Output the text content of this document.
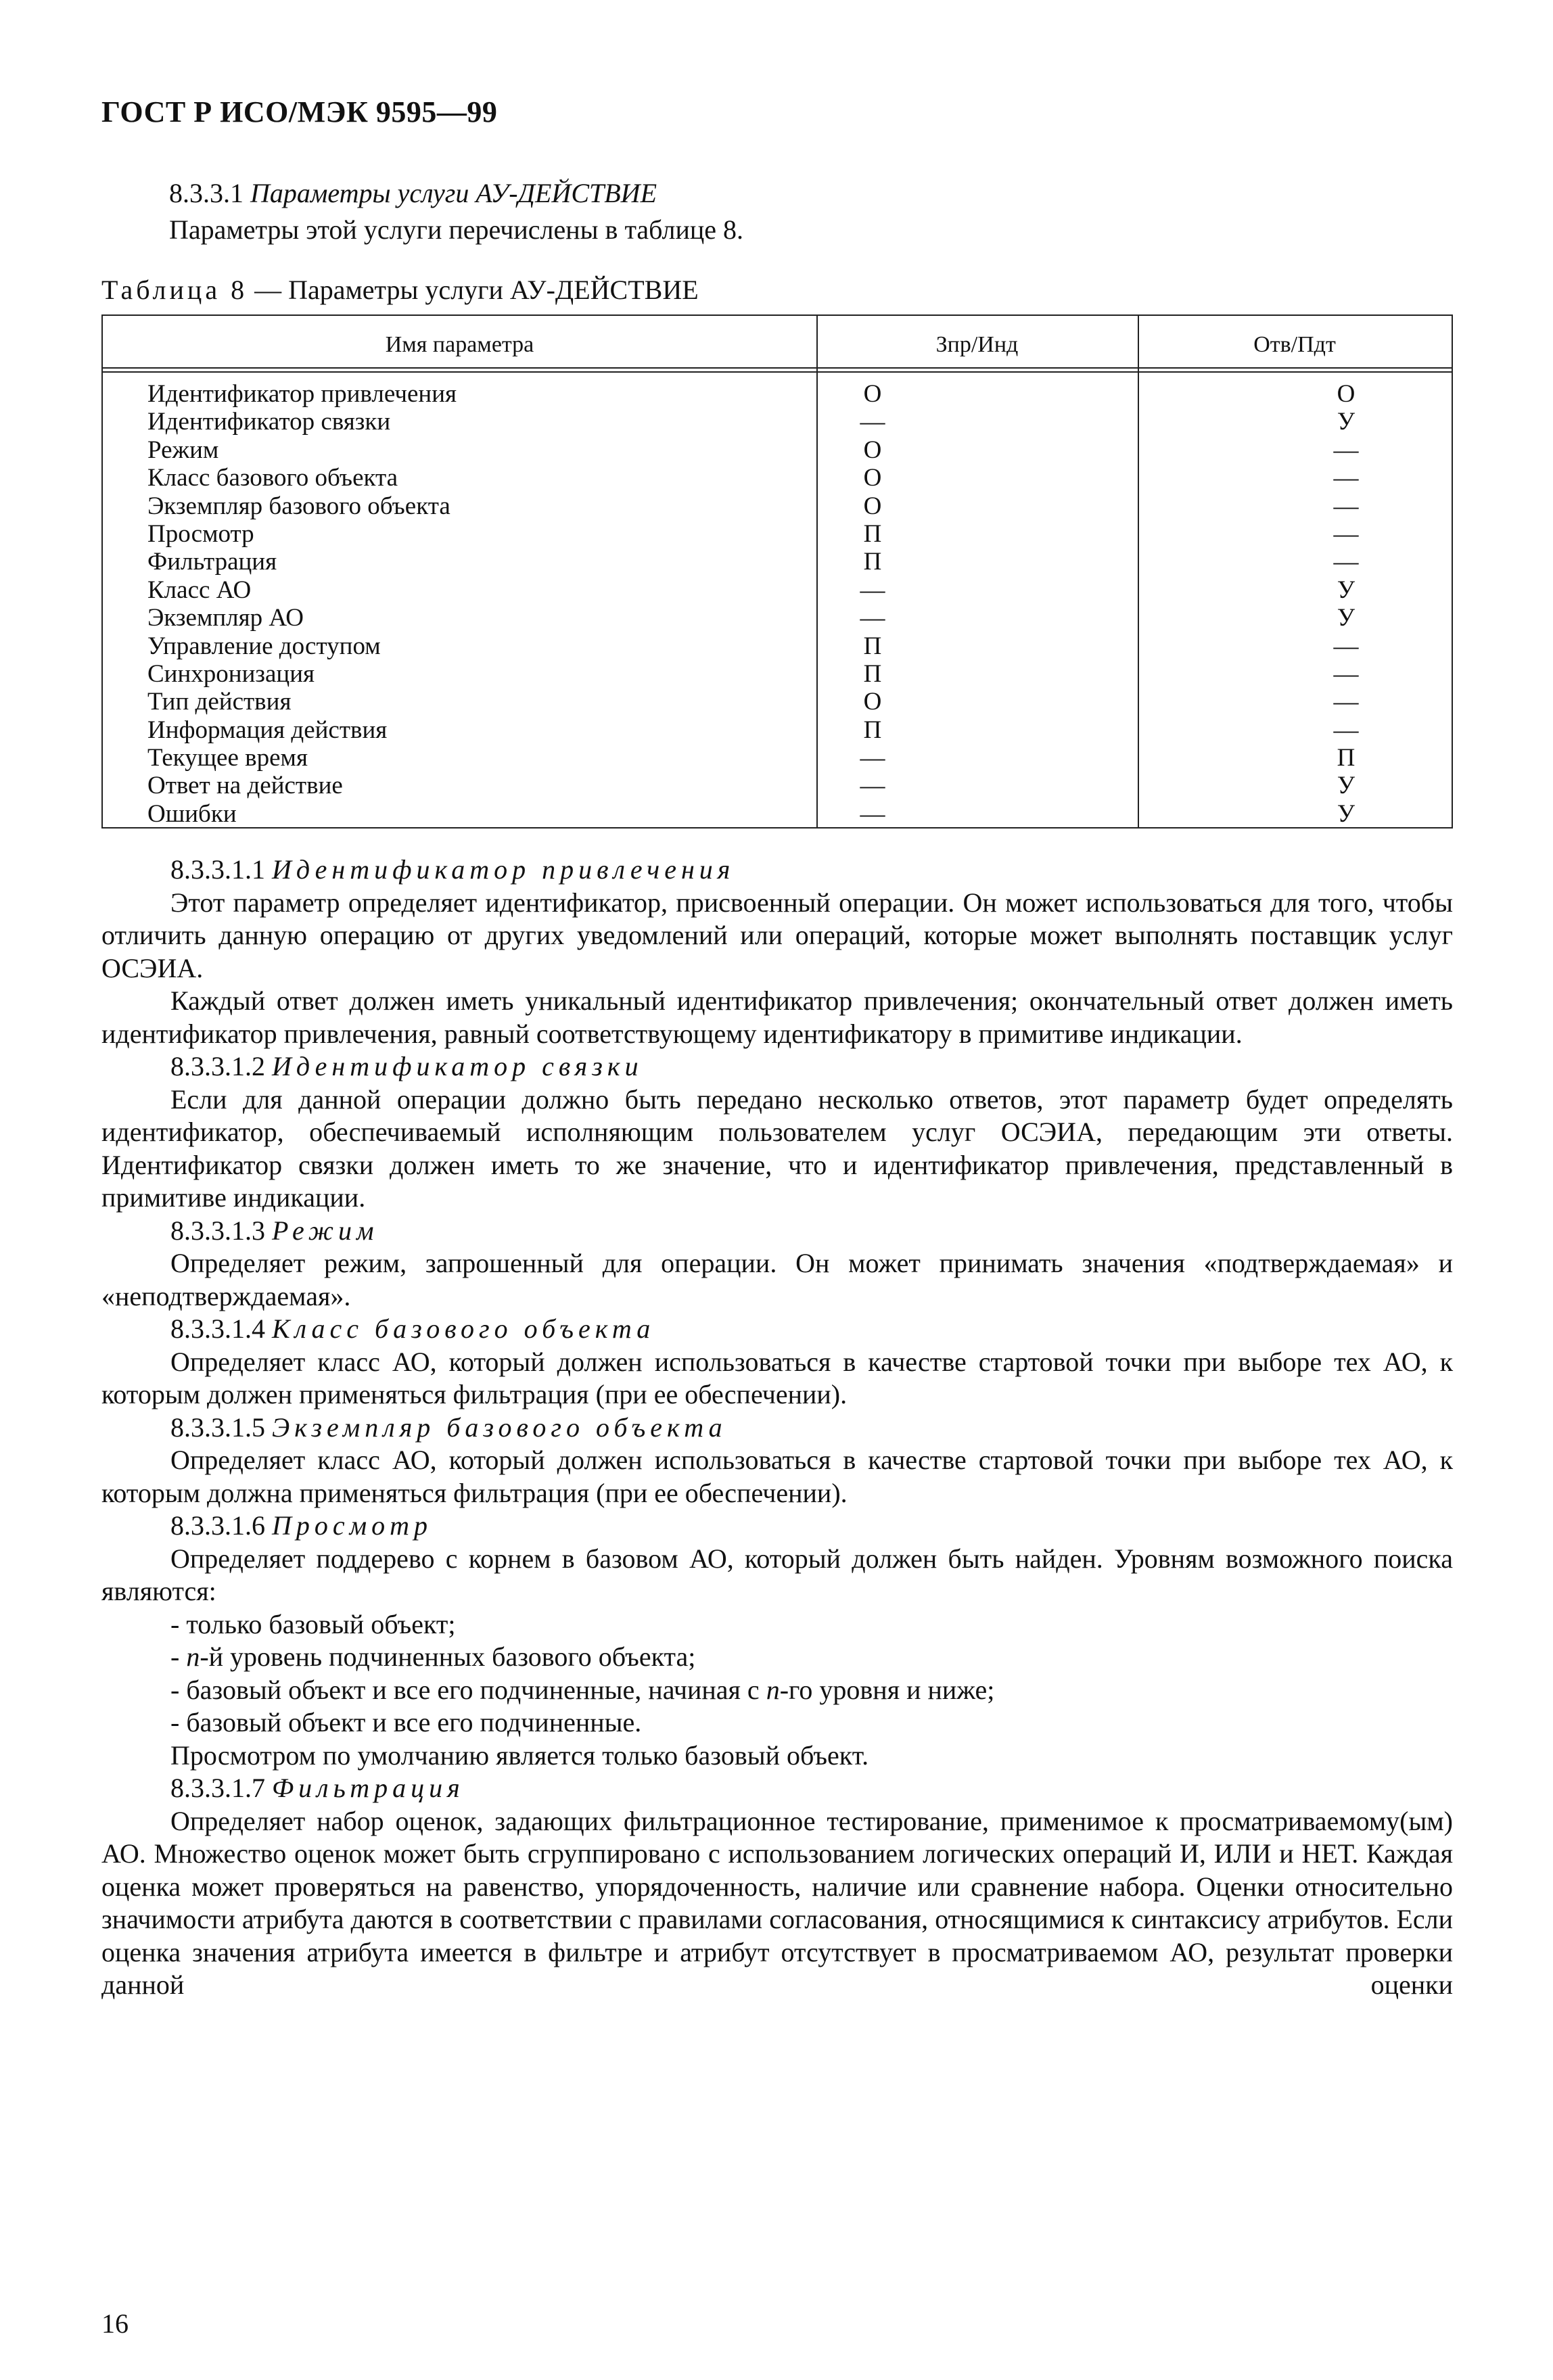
ГОСТ Р ИСО/МЭК 9595—99
8.3.3.1 Параметры услуги АУ-ДЕЙСТВИЕ
Параметры этой услуги перечислены в таблице 8.
Таблица 8 — Параметры услуги АУ-ДЕЙСТВИЕ
Имя параметра	Зпр/Инд	Отв/Пдт
Идентификатор привлечения	О	О
Идентификатор связки	—	У
Режим	О	—
Класс базового объекта	О	—
Экземпляр базового объекта	О	—
Просмотр	П	—
Фильтрация	П	—
Класс АО	—	У
Экземпляр АО	—	У
Управление доступом	П	—
Синхронизация	П	—
Тип действия	О	—
Информация действия	П	—
Текущее время	—	П
Ответ на действие	—	У
Ошибки	—	У

8.3.3.1.1 Идентификатор привлечения

Этот параметр определяет идентификатор, присвоенный операции. Он может использоваться для того, чтобы отличить данную операцию от других уведомлений или операций, которые может выполнять поставщик услуг ОСЭИА.

Каждый ответ должен иметь уникальный идентификатор привлечения; окончательный ответ должен иметь идентификатор привлечения, равный соответствующему идентификатору в примитиве индикации.

8.3.3.1.2 Идентификатор связки

Если для данной операции должно быть передано несколько ответов, этот параметр будет определять идентификатор, обеспечиваемый исполняющим пользователем услуг ОСЭИА, передающим эти ответы. Идентификатор связки должен иметь то же значение, что и идентификатор привлечения, представленный в примитиве индикации.

8.3.3.1.3 Режим

Определяет режим, запрошенный для операции. Он может принимать значения «подтверждаемая» и «неподтверждаемая».

8.3.3.1.4 Класс базового объекта

Определяет класс АО, который должен использоваться в качестве стартовой точки при выборе тех АО, к которым должен применяться фильтрация (при ее обеспечении).

8.3.3.1.5 Экземпляр базового объекта

Определяет класс АО, который должен использоваться в качестве стартовой точки при выборе тех АО, к которым должна применяться фильтрация (при ее обеспечении).

8.3.3.1.6 Просмотр

Определяет поддерево с корнем в базовом АО, который должен быть найден. Уровням возможного поиска являются:

- только базовый объект;

- n-й уровень подчиненных базового объекта;

- базовый объект и все его подчиненные, начиная с n-го уровня и ниже;

- базовый объект и все его подчиненные.

Просмотром по умолчанию является только базовый объект.

8.3.3.1.7 Фильтрация

Определяет набор оценок, задающих фильтрационное тестирование, применимое к просматриваемому(ым) АО. Множество оценок может быть сгруппировано с использованием логических операций И, ИЛИ и НЕТ. Каждая оценка может проверяться на равенство, упорядоченность, наличие или сравнение набора. Оценки относительно значимости атрибута даются в соответствии с правилами согласования, относящимися к синтаксису атрибутов. Если оценка значения атрибута имеется в фильтре и атрибут отсутствует в просматриваемом АО, результат проверки данной оценки

16
